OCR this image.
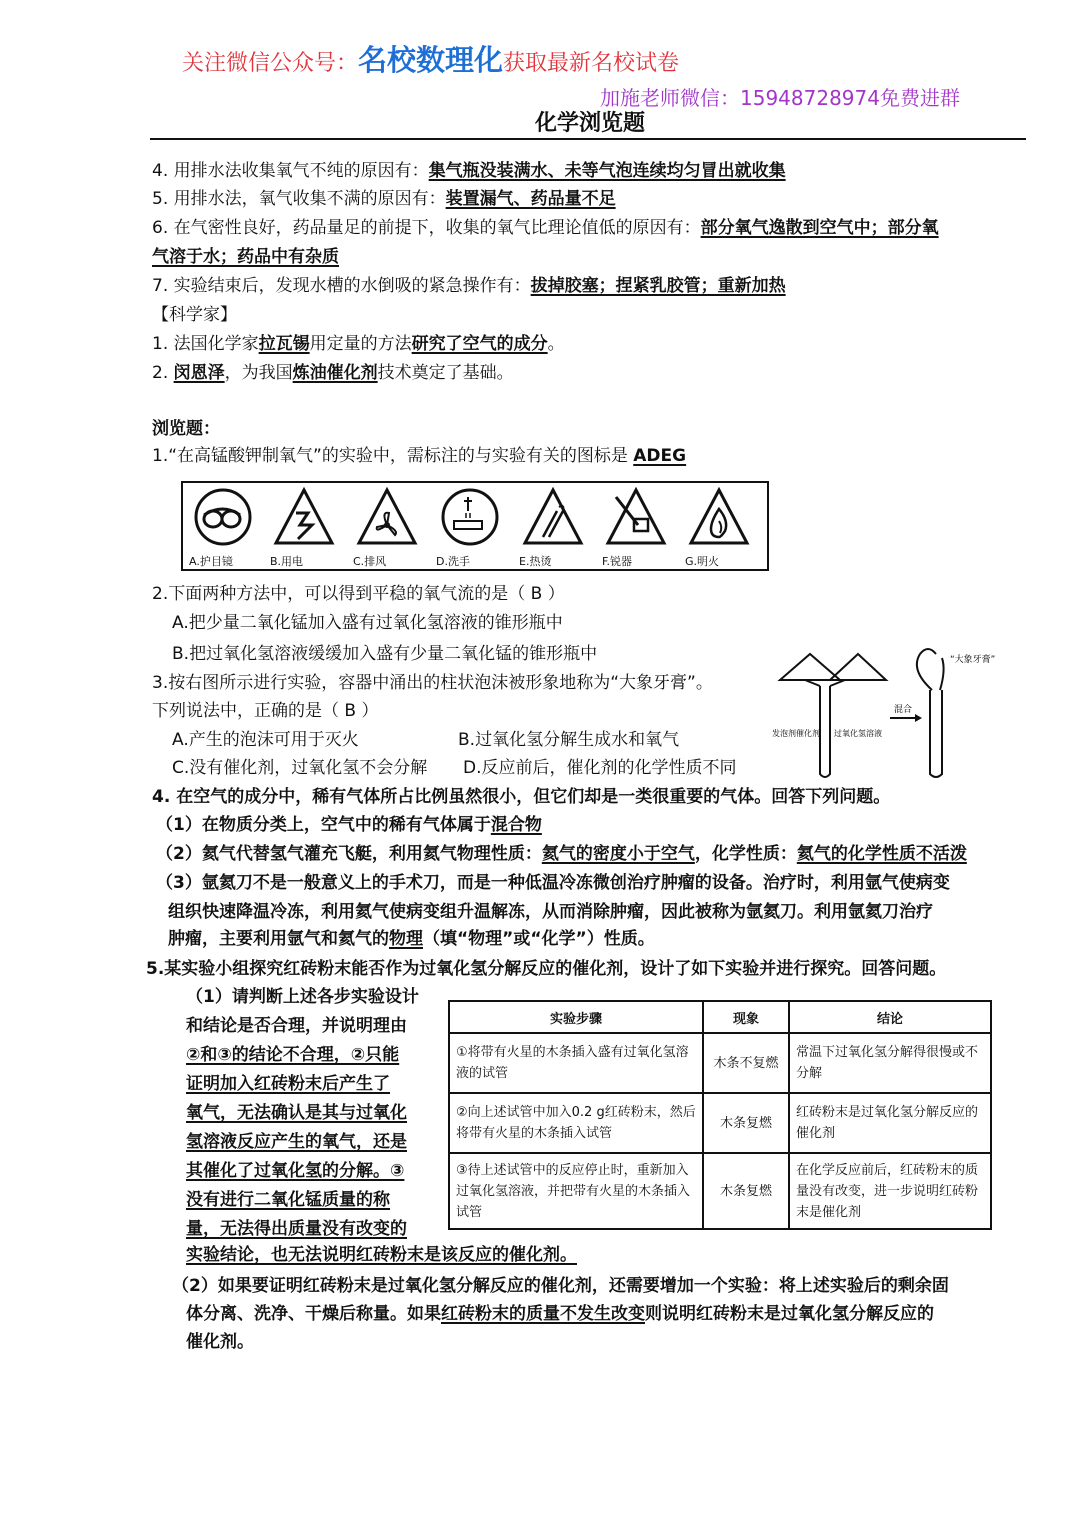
关注微信公众号：名校数理化获取最新名校试卷
加施老师微信：15948728974免费进群
化学浏览题
4. 用排水法收集氧气不纯的原因有：集气瓶没装满水、未等气泡连续均匀冒出就收集
5. 用排水法，氧气收集不满的原因有：装置漏气、药品量不足
6. 在气密性良好，药品量足的前提下，收集的氧气比理论值低的原因有：部分氧气逸散到空气中；部分氧
气溶于水；药品中有杂质
7. 实验结束后，发现水槽的水倒吸的紧急操作有：拔掉胶塞；捏紧乳胶管；重新加热
【科学家】
1. 法国化学家拉瓦锡用定量的方法研究了空气的成分。
2. 闵恩泽，为我国炼油催化剂技术奠定了基础。
浏览题：
1.“在高锰酸钾制氧气”的实验中，需标注的与实验有关的图标是 ADEG
A.护目镜	B.用电	C.排风	D.洗手	E.热烫	F.锐器	G.明火
2.下面两种方法中，可以得到平稳的氧气流的是（ B ）
A.把少量二氧化锰加入盛有过氧化氢溶液的锥形瓶中
B.把过氧化氢溶液缓缓加入盛有少量二氧化锰的锥形瓶中
3.按右图所示进行实验，容器中涌出的柱状泡沫被形象地称为“大象牙膏”。
下列说法中，正确的是（ B ）
A.产生的泡沫可用于灭火	B.过氧化氢分解生成水和氧气
C.没有催化剂，过氧化氢不会分解 D.反应前后，催化剂的化学性质不同
“大象牙膏”
混合
发泡剂催化剂 过氧化氢溶液
4. 在空气的成分中，稀有气体所占比例虽然很小，但它们却是一类很重要的气体。回答下列问题。
（1）在物质分类上，空气中的稀有气体属于混合物
（2）氦气代替氢气灌充飞艇，利用氦气物理性质：氦气的密度小于空气，化学性质：氦气的化学性质不活泼
（3）氩氦刀不是一般意义上的手术刀，而是一种低温冷冻微创治疗肿瘤的设备。治疗时，利用氩气使病变
组织快速降温冷冻，利用氦气使病变组升温解冻，从而消除肿瘤，因此被称为氩氦刀。利用氩氦刀治疗
肿瘤，主要利用氩气和氦气的物理（填“物理”或“化学”）性质。
5.某实验小组探究红砖粉末能否作为过氧化氢分解反应的催化剂，设计了如下实验并进行探究。回答问题。
（1）请判断上述各步实验设计
和结论是否合理，并说明理由
②和③的结论不合理，②只能
证明加入红砖粉末后产生了
氧气，无法确认是其与过氧化
氢溶液反应产生的氧气，还是
其催化了过氧化氢的分解。③
没有进行二氧化锰质量的称
量，无法得出质量没有改变的
实验结论，也无法说明红砖粉末是该反应的催化剂。
实验步骤	现象	结论
①将带有火星的木条插入盛有过氧化氢溶液的试管	木条不复燃	常温下过氧化氢分解得很慢或不分解
②向上述试管中加入0.2 g红砖粉末，然后将带有火星的木条插入试管	木条复燃	红砖粉末是过氧化氢分解反应的催化剂
③待上述试管中的反应停止时，重新加入过氧化氢溶液，并把带有火星的木条插入试管	木条复燃	在化学反应前后，红砖粉末的质量没有改变，进一步说明红砖粉末是催化剂
（2）如果要证明红砖粉末是过氧化氢分解反应的催化剂，还需要增加一个实验：将上述实验后的剩余固
体分离、洗净、干燥后称量。如果红砖粉末的质量不发生改变则说明红砖粉末是过氧化氢分解反应的
催化剂。
